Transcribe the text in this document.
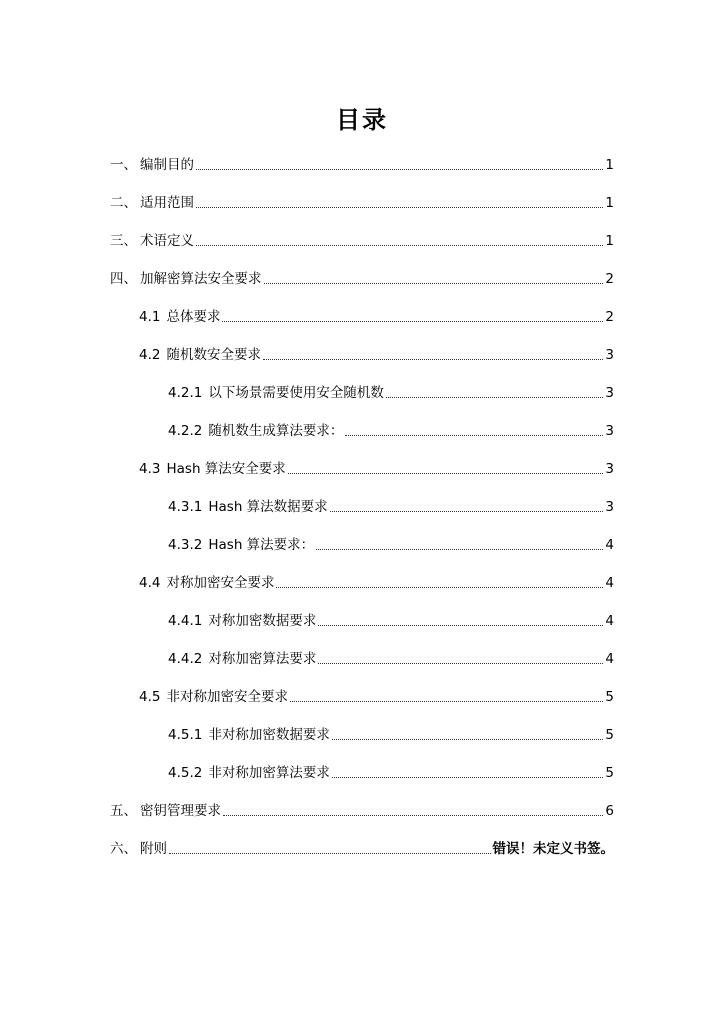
目录
一、 编制目的	1
二、 适用范围	1
三、 术语定义	1
四、 加解密算法安全要求	2
4.1 总体要求	2
4.2 随机数安全要求	3
4.2.1 以下场景需要使用安全随机数	3
4.2.2 随机数生成算法要求：	3
4.3 Hash 算法安全要求	3
4.3.1 Hash 算法数据要求	3
4.3.2 Hash 算法要求：	4
4.4 对称加密安全要求	4
4.4.1 对称加密数据要求	4
4.4.2 对称加密算法要求	4
4.5 非对称加密安全要求	5
4.5.1 非对称加密数据要求	5
4.5.2 非对称加密算法要求	5
五、 密钥管理要求	6
六、 附则	错误！未定义书签。
